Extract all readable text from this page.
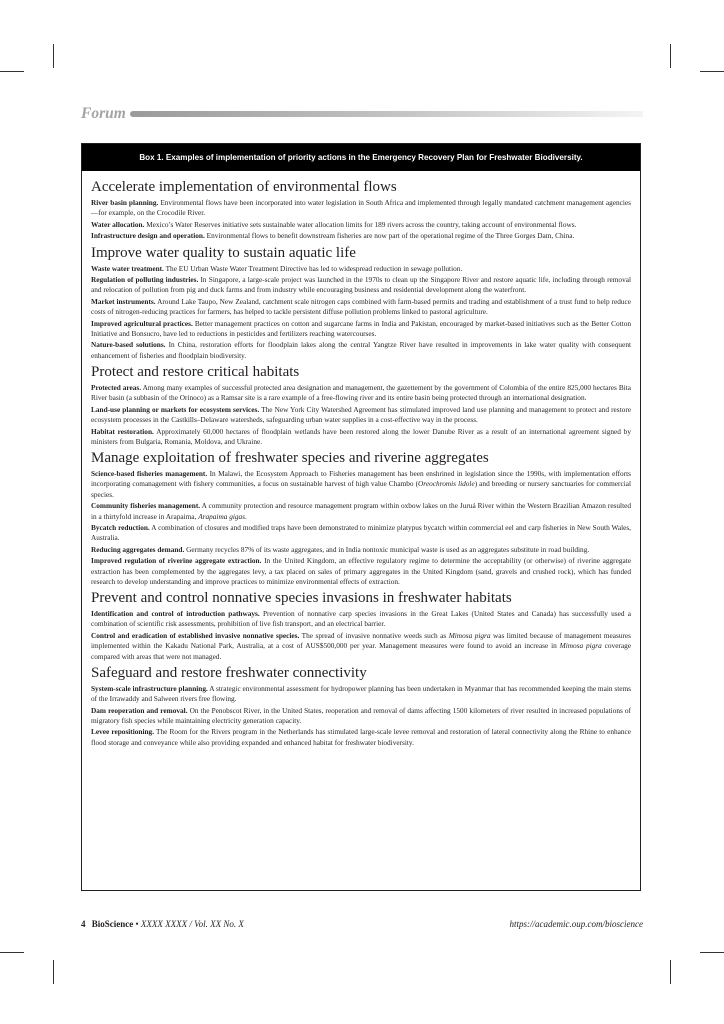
Forum
Box 1. Examples of implementation of priority actions in the Emergency Recovery Plan for Freshwater Biodiversity.
Accelerate implementation of environmental flows

River basin planning. Environmental flows have been incorporated into water legislation in South Africa and implemented through legally mandated catchment management agencies—for example, on the Crocodile River.

Water allocation. Mexico’s Water Reserves initiative sets sustainable water allocation limits for 189 rivers across the country, taking account of environmental flows.

Infrastructure design and operation. Environmental flows to benefit downstream fisheries are now part of the operational regime of the Three Gorges Dam, China.

Improve water quality to sustain aquatic life

Waste water treatment. The EU Urban Waste Water Treatment Directive has led to widespread reduction in sewage pollution.

Regulation of polluting industries. In Singapore, a large-scale project was launched in the 1970s to clean up the Singapore River and restore aquatic life, including through removal and relocation of pollution from pig and duck farms and from industry while encouraging business and residential development along the waterfront.

Market instruments. Around Lake Taupo, New Zealand, catchment scale nitrogen caps combined with farm-based permits and trading and establishment of a trust fund to help reduce costs of nitrogen-reducing practices for farmers, has helped to tackle persistent diffuse pollution problems linked to pastoral agriculture.

Improved agricultural practices. Better management practices on cotton and sugarcane farms in India and Pakistan, encouraged by market-based initiatives such as the Better Cotton Initiative and Bonsucro, have led to reductions in pesticides and fertilizers reaching watercourses.

Nature-based solutions. In China, restoration efforts for floodplain lakes along the central Yangtze River have resulted in improvements in lake water quality with consequent enhancement of fisheries and floodplain biodiversity.

Protect and restore critical habitats

Protected areas. Among many examples of successful protected area designation and management, the gazettement by the government of Colombia of the entire 825,000 hectares Bita River basin (a subbasin of the Orinoco) as a Ramsar site is a rare example of a free-flowing river and its entire basin being protected through an international designation.

Land-use planning or markets for ecosystem services. The New York City Watershed Agreement has stimulated improved land use planning and management to protect and restore ecosystem processes in the Castkills–Delaware watersheds, safeguarding urban water supplies in a cost-effective way in the process.

Habitat restoration. Approximately 60,000 hectares of floodplain wetlands have been restored along the lower Danube River as a result of an international agreement signed by ministers from Bulgaria, Romania, Moldova, and Ukraine.

Manage exploitation of freshwater species and riverine aggregates

Science-based fisheries management. In Malawi, the Ecosystem Approach to Fisheries management has been enshrined in legislation since the 1990s, with implementation efforts incorporating comanagement with fishery communities, a focus on sustainable harvest of high value Chambo (Oreochromis lidole) and breeding or nursery sanctuaries for commercial species.

Community fisheries management. A community protection and resource management program within oxbow lakes on the Juruá River within the Western Brazilian Amazon resulted in a thirtyfold increase in Arapaima, Arapaima gigas.

Bycatch reduction. A combination of closures and modified traps have been demonstrated to minimize platypus bycatch within commercial eel and carp fisheries in New South Wales, Australia.

Reducing aggregates demand. Germany recycles 87% of its waste aggregates, and in India nontoxic municipal waste is used as an aggregates substitute in road building.

Improved regulation of riverine aggregate extraction. In the United Kingdom, an effective regulatory regime to determine the acceptability (or otherwise) of riverine aggregate extraction has been complemented by the aggregates levy, a tax placed on sales of primary aggregates in the United Kingdom (sand, gravels and crushed rock), which has funded research to develop understanding and improve practices to minimize environmental effects of extraction.

Prevent and control nonnative species invasions in freshwater habitats

Identification and control of introduction pathways. Prevention of nonnative carp species invasions in the Great Lakes (United States and Canada) has successfully used a combination of scientific risk assessments, prohibition of live fish transport, and an electrical barrier.

Control and eradication of established invasive nonnative species. The spread of invasive nonnative weeds such as Mimosa pigra was limited because of management measures implemented within the Kakadu National Park, Australia, at a cost of AUS$500,000 per year. Management measures were found to avoid an increase in Mimosa pigra coverage compared with areas that were not managed.

Safeguard and restore freshwater connectivity

System-scale infrastructure planning. A strategic environmental assessment for hydropower planning has been undertaken in Myanmar that has recommended keeping the main stems of the Irrawaddy and Salween rivers free flowing.

Dam reoperation and removal. On the Penobscot River, in the United States, reoperation and removal of dams affecting 1500 kilometers of river resulted in increased populations of migratory fish species while maintaining electricity generation capacity.

Levee repositioning. The Room for the Rivers program in the Netherlands has stimulated large-scale levee removal and restoration of lateral connectivity along the Rhine to enhance flood storage and conveyance while also providing expanded and enhanced habitat for freshwater biodiversity.

4 BioScience • XXXX XXXX / Vol. XX No. X	https://academic.oup.com/bioscience
